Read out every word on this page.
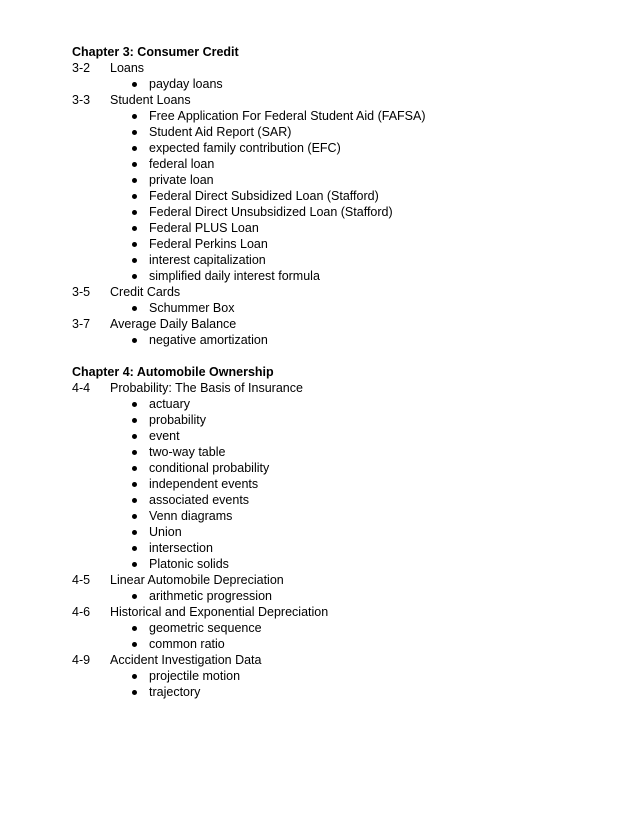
Chapter 3: Consumer Credit
3-2 Loans
payday loans
3-3 Student Loans
Free Application For Federal Student Aid (FAFSA)
Student Aid Report (SAR)
expected family contribution (EFC)
federal loan
private loan
Federal Direct Subsidized Loan (Stafford)
Federal Direct Unsubsidized Loan (Stafford)
Federal PLUS Loan
Federal Perkins Loan
interest capitalization
simplified daily interest formula
3-5 Credit Cards
Schummer Box
3-7 Average Daily Balance
negative amortization
Chapter 4: Automobile Ownership
4-4 Probability: The Basis of Insurance
actuary
probability
event
two-way table
conditional probability
independent events
associated events
Venn diagrams
Union
intersection
Platonic solids
4-5 Linear Automobile Depreciation
arithmetic progression
4-6 Historical and Exponential Depreciation
geometric sequence
common ratio
4-9 Accident Investigation Data
projectile motion
trajectory
